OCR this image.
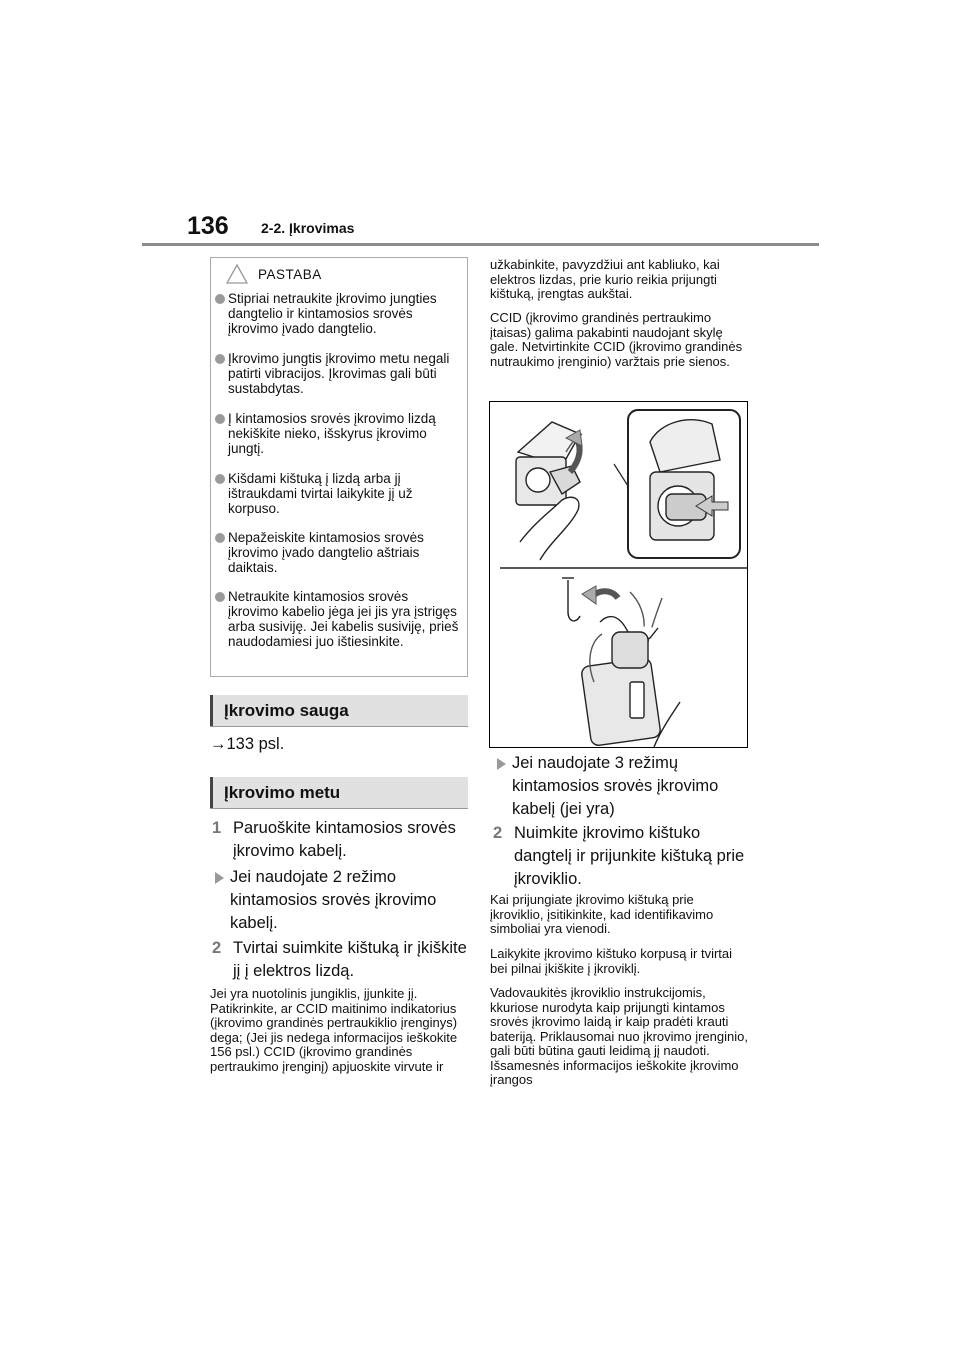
136 2-2. Įkrovimas
PASTABA
Stipriai netraukite įkrovimo jungties dangtelio ir kintamosios srovės įkrovimo įvado dangtelio.
Įkrovimo jungtis įkrovimo metu negali patirti vibracijos. Įkrovimas gali būti sustabdytas.
Į kintamosios srovės įkrovimo lizdą nekiškite nieko, išskyrus įkrovimo jungtį.
Kišdami kištuką į lizdą arba jį ištraukdami tvirtai laikykite jį už korpuso.
Nepažeiskite kintamosios srovės įkrovimo įvado dangtelio aštriais daiktais.
Netraukite kintamosios srovės įkrovimo kabelio jėga jei jis yra įstrigęs arba susiviję. Jei kabelis susiviję, prieš naudodamiesi juo ištiesinkite.
Įkrovimo sauga
→133 psl.
Įkrovimo metu
1 Paruoškite kintamosios srovės įkrovimo kabelį.
Jei naudojate 2 režimo kintamosios srovės įkrovimo kabelį.
2 Tvirtai suimkite kištuką ir įkiškite jį į elektros lizdą.
Jei yra nuotolinis jungiklis, įjunkite jį. Patikrinkite, ar CCID maitinimo indikatorius (įkrovimo grandinės pertraukiklio įrenginys) dega; (Jei jis nedega informacijos ieškokite 156 psl.) CCID (įkrovimo grandinės pertraukimo įrenginį) apjuoskite virvute ir
užkabinkite, pavyzdžiui ant kabliuko, kai elektros lizdas, prie kurio reikia prijungti kištuką, įrengtas aukštai.
CCID (įkrovimo grandinės pertraukimo įtaisas) galima pakabinti naudojant skylę gale. Netvirtinkite CCID (įkrovimo grandinės nutraukimo įrenginio) varžtais prie sienos.
Jei naudojate 3 režimų kintamosios srovės įkrovimo kabelį (jei yra)
2 Nuimkite įkrovimo kištuko dangtelį ir prijunkite kištuką prie įkroviklio.
Kai prijungiate įkrovimo kištuką prie įkroviklio, įsitikinkite, kad identifikavimo simboliai yra vienodi.
Laikykite įkrovimo kištuko korpusą ir tvirtai bei pilnai įkiškite į įkroviklį.
Vadovaukitės įkroviklio instrukcijomis, kkuriose nurodyta kaip prijungti kintamos srovės įkrovimo laidą ir kaip pradėti krauti bateriją. Priklausomai nuo įkrovimo įrenginio, gali būti būtina gauti leidimą jį naudoti. Išsamesnės informacijos ieškokite įkrovimo įrangos
